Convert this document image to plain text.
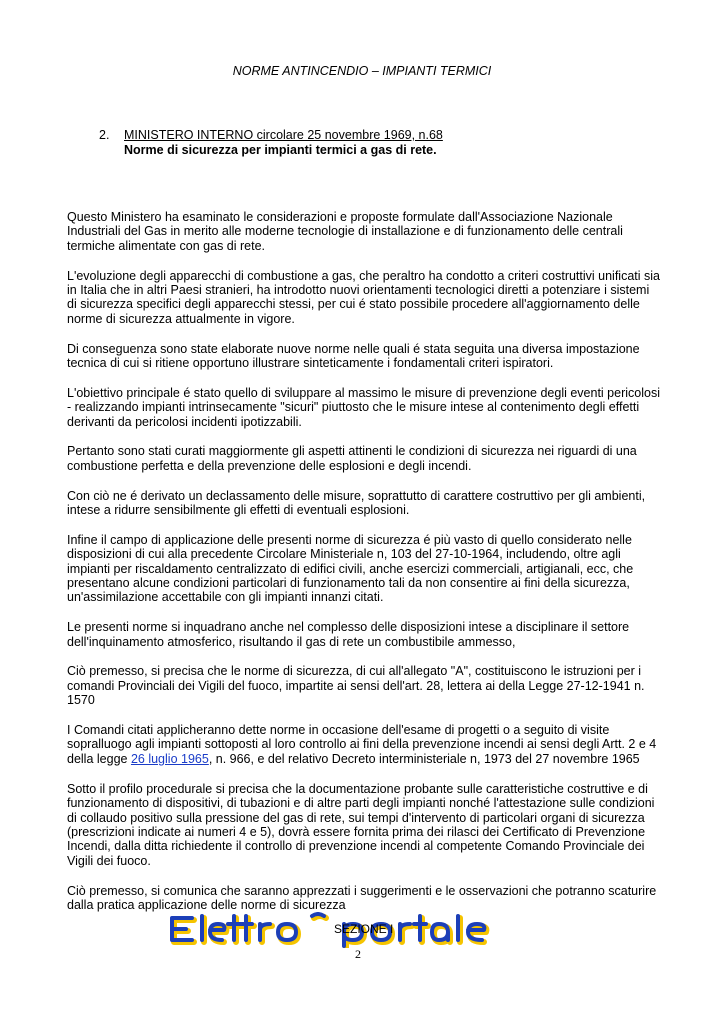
NORME ANTINCENDIO – IMPIANTI TERMICI
2. MINISTERO INTERNO circolare 25 novembre 1969, n.68
Norme di sicurezza per impianti termici a gas di rete.

Questo Ministero ha esaminato le considerazioni e proposte formulate dall'Associazione Nazionale Industriali del Gas in merito alle moderne tecnologie di installazione e di funzionamento delle centrali termiche alimentate con gas di rete.

L'evoluzione degli apparecchi di combustione a gas, che peraltro ha condotto a criteri costruttivi unificati sia in Italia che in altri Paesi stranieri, ha introdotto nuovi orientamenti tecnologici diretti a potenziare i sistemi di sicurezza specifici degli apparecchi stessi, per cui é stato possibile procedere all'aggiornamento delle norme di sicurezza attualmente in vigore.

Di conseguenza sono state elaborate nuove norme nelle quali é stata seguita una diversa impostazione tecnica di cui si ritiene opportuno illustrare sinteticamente i fondamentali criteri ispiratori.

L'obiettivo principale é stato quello di sviluppare al massimo le misure di prevenzione degli eventi pericolosi - realizzando impianti intrinsecamente "sicuri" piuttosto che le misure intese al contenimento degli effetti derivanti da pericolosi incidenti ipotizzabili.

Pertanto sono stati curati maggiormente gli aspetti attinenti le condizioni di sicurezza nei riguardi di una combustione perfetta e della prevenzione delle esplosioni e degli incendi.

Con ciò ne é derivato un declassamento delle misure, soprattutto di carattere costruttivo per gli ambienti, intese a ridurre sensibilmente gli effetti di eventuali esplosioni.

Infine il campo di applicazione delle presenti norme di sicurezza é più vasto di quello considerato nelle disposizioni di cui alla precedente Circolare Ministeriale n, 103 del 27-10-1964, includendo, oltre agli impianti per riscaldamento centralizzato di edifici civili, anche esercizi commerciali, artigianali, ecc, che presentano alcune condizioni particolari di funzionamento tali da non consentire ai fini della sicurezza, un'assimilazione accettabile con gli impianti innanzi citati.

Le presenti norme si inquadrano anche nel complesso delle disposizioni intese a disciplinare il settore dell'inquinamento atmosferico, risultando il gas di rete un combustibile ammesso,

Ciò premesso, si precisa che le norme di sicurezza, di cui all'allegato "A", costituiscono le istruzioni per i comandi Provinciali dei Vigili del fuoco, impartite ai sensi dell'art. 28, lettera ai della Legge 27-12-1941 n. 1570

I Comandi citati applicheranno dette norme in occasione dell'esame di progetti o a seguito di visite sopralluogo agli impianti sottoposti al loro controllo ai fini della prevenzione incendi ai sensi degli Artt. 2 e 4 della legge 26 luglio 1965, n. 966, e del relativo Decreto interministeriale n, 1973 del 27 novembre 1965

Sotto il profilo procedurale si precisa che la documentazione probante sulle caratteristiche costruttive e di funzionamento di dispositivi, di tubazioni e di altre parti degli impianti nonché l'attestazione sulle condizioni di collaudo positivo sulla pressione del gas di rete, sui tempi d'intervento di particolari organi di sicurezza (prescrizioni indicate ai numeri 4 e 5), dovrà essere fornita prima dei rilasci dei Certificato di Prevenzione Incendi, dalla ditta richiedente il controllo di prevenzione incendi al competente Comando Provinciale dei Vigili dei fuoco.

Ciò premesso, si comunica che saranno apprezzati i suggerimenti e le osservazioni che potranno scaturire dalla pratica applicazione delle norme di sicurezza

SEZIONE I
2
